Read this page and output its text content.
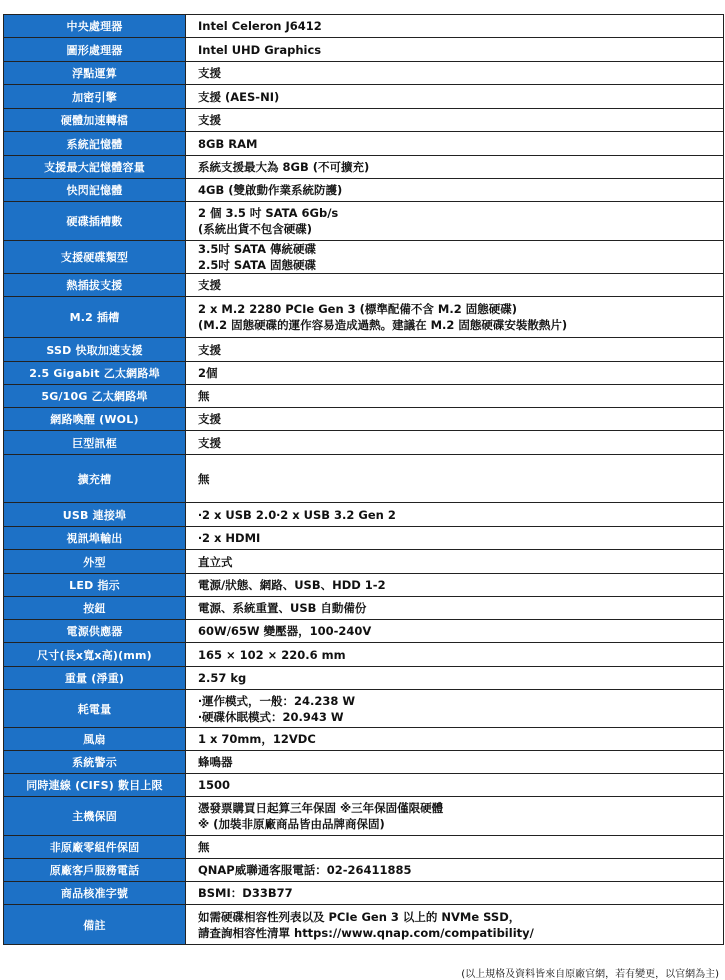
中央處理器	Intel Celeron J6412

圖形處理器	Intel UHD Graphics

浮點運算	支援

加密引擎	支援 (AES-NI)

硬體加速轉檔	支援

系統記憶體	8GB RAM

支援最大記憶體容量	系統支援最大為 8GB (不可擴充)

快閃記憶體	4GB (雙啟動作業系統防護)

硬碟插槽數	2 個 3.5 吋 SATA 6Gb/s
(系統出貨不包含硬碟)

支援硬碟類型	3.5吋 SATA 傳統硬碟
2.5吋 SATA 固態硬碟

熱插拔支援	支援

M.2 插槽	2 x M.2 2280 PCIe Gen 3 (標準配備不含 M.2 固態硬碟)
(M.2 固態硬碟的運作容易造成過熱。建議在 M.2 固態硬碟安裝散熱片)

SSD 快取加速支援	支援

2.5 Gigabit 乙太網路埠	2個

5G/10G 乙太網路埠	無

網路喚醒 (WOL)	支援

巨型訊框	支援

擴充槽	無

USB 連接埠	‧2 x USB 2.0‧2 x USB 3.2 Gen 2

視訊埠輸出	‧2 x HDMI

外型	直立式

LED 指示	電源/狀態、網路、USB、HDD 1-2

按鈕	電源、系統重置、USB 自動備份

電源供應器	60W/65W 變壓器，100-240V

尺寸(長x寬x高)(mm)	165 × 102 × 220.6 mm

重量 (淨重)	2.57 kg

耗電量	‧運作模式，一般：24.238 W
‧硬碟休眠模式：20.943 W

風扇	1 x 70mm，12VDC

系統警示	蜂鳴器

同時連線 (CIFS) 數目上限	1500

主機保固	憑發票購買日起算三年保固 ※三年保固僅限硬體
※ (加裝非原廠商品皆由品牌商保固)

非原廠零組件保固	無

原廠客戶服務電話	QNAP威聯通客服電話：02-26411885

商品核准字號	BSMI：D33B77

備註	如需硬碟相容性列表以及 PCIe Gen 3 以上的 NVMe SSD，
請查詢相容性清單 https://www.qnap.com/compatibility/
(以上規格及資料皆來自原廠官網，若有變更，以官網為主)
